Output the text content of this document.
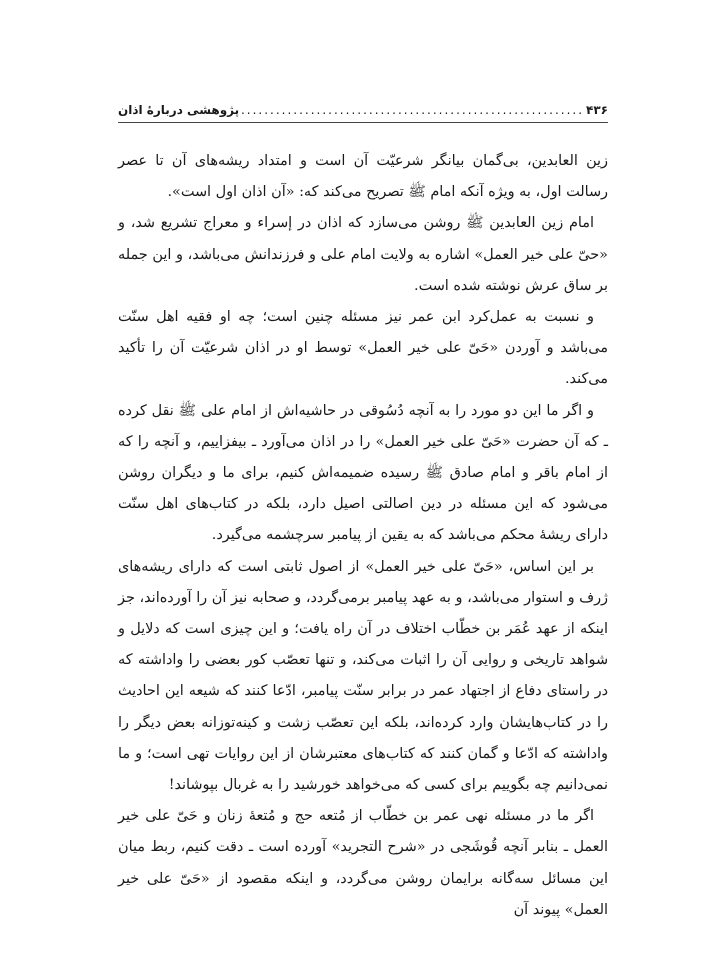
۴۳۶
.....
پژوهشی دربارهٔ اذان

زین العابدین، بی‌گمان بیانگر شرعیّت آن است و امتداد ریشه‌های آن تا عصر رسالت اول، به ویژه آنکه امام ﷺ تصریح می‌کند که: «آن اذان اول است».

امام زین العابدین ﷺ روشن می‌سازد که اذان در إسراء و معراج تشریع شد، و «حیّ علی خیر العمل» اشاره به ولایت امام علی و فرزندانش می‌باشد، و این جمله بر ساق عرش نوشته شده است.

و نسبت به عمل‌کرد ابن عمر نیز مسئله چنین است؛ چه او فقیه اهل سنّت می‌باشد و آوردن «حَیّ علی خیر العمل» توسط او در اذان شرعیّت آن را تأکید می‌کند.

و اگر ما این دو مورد را به آنچه دُسُوقی در حاشیه‌اش از امام علی ﷺ نقل کرده ـ که آن حضرت «حَیّ علی خیر العمل» را در اذان می‌آورد ـ بیفزاییم، و آنچه را که از امام باقر و امام صادق ﷺ رسیده ضمیمه‌اش کنیم، برای ما و دیگران روشن می‌شود که این مسئله در دین اصالتی اصیل دارد، بلکه در کتاب‌های اهل سنّت دارای ریشهٔ محکم می‌باشد که به یقین از پیامبر سرچشمه می‌گیرد.

بر این اساس، «حَیّ علی خیر العمل» از اصول ثابتی است که دارای ریشه‌های ژرف و استوار می‌باشد، و به عهد پیامبر برمی‌گردد، و صحابه نیز آن را آورده‌اند، جز اینکه از عهد عُمَر بن خطّاب اختلاف در آن راه یافت؛ و این چیزی است که دلایل و شواهد تاریخی و روایی آن را اثبات می‌کند، و تنها تعصّب کور بعضی را واداشته که در راستای دفاع از اجتهاد عمر در برابر سنّت پیامبر، ادّعا کنند که شیعه این احادیث را در کتاب‌هایشان وارد کرده‌اند، بلکه این تعصّب زشت و کینه‌توزانه بعض دیگر را واداشته که ادّعا و گمان کنند که کتاب‌های معتبرشان از این روایات تهی است؛ و ما نمی‌دانیم چه بگوییم برای کسی که می‌خواهد خورشید را به غربال بپوشاند!

اگر ما در مسئله نهی عمر بن خطّاب از مُتعه حج و مُتعهٔ زنان و حَیّ علی خیر العمل ـ بنابر آنچه قُوشَجی در «شرح التجرید» آورده است ـ دقت کنیم، ربط میان این مسائل سه‌گانه برایمان روشن می‌گردد، و اینکه مقصود از «حَیّ علی خیر العمل» پیوند آن
